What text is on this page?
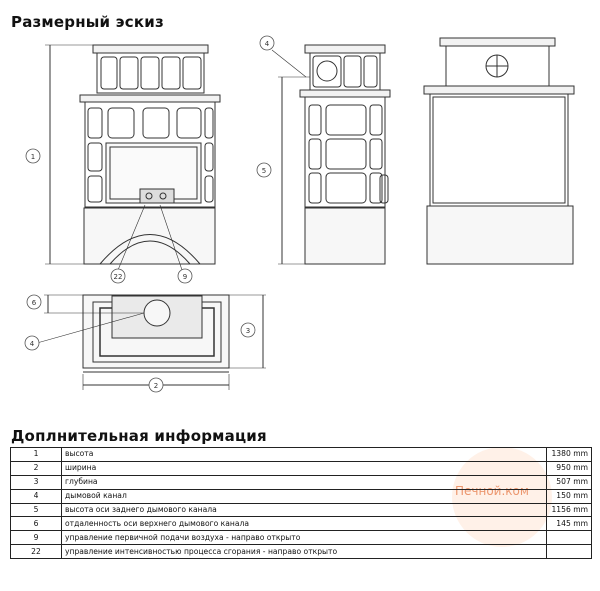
Размерный эскиз
1
4
5
22	9
6
4
3
2
Доплнительная информация
Печной.ком
1	высота	1380 mm
2	ширина	950 mm
3	глубина	507 mm
4	дымовой канал	150 mm
5	высота оси заднего дымового канала	1156 mm
6	отдаленность оси верхнего дымового канала	145 mm
9	управление первичной подачи воздуха - направо открыто	
22	управление интенсивностью процесса сгорания - направо открыто	
